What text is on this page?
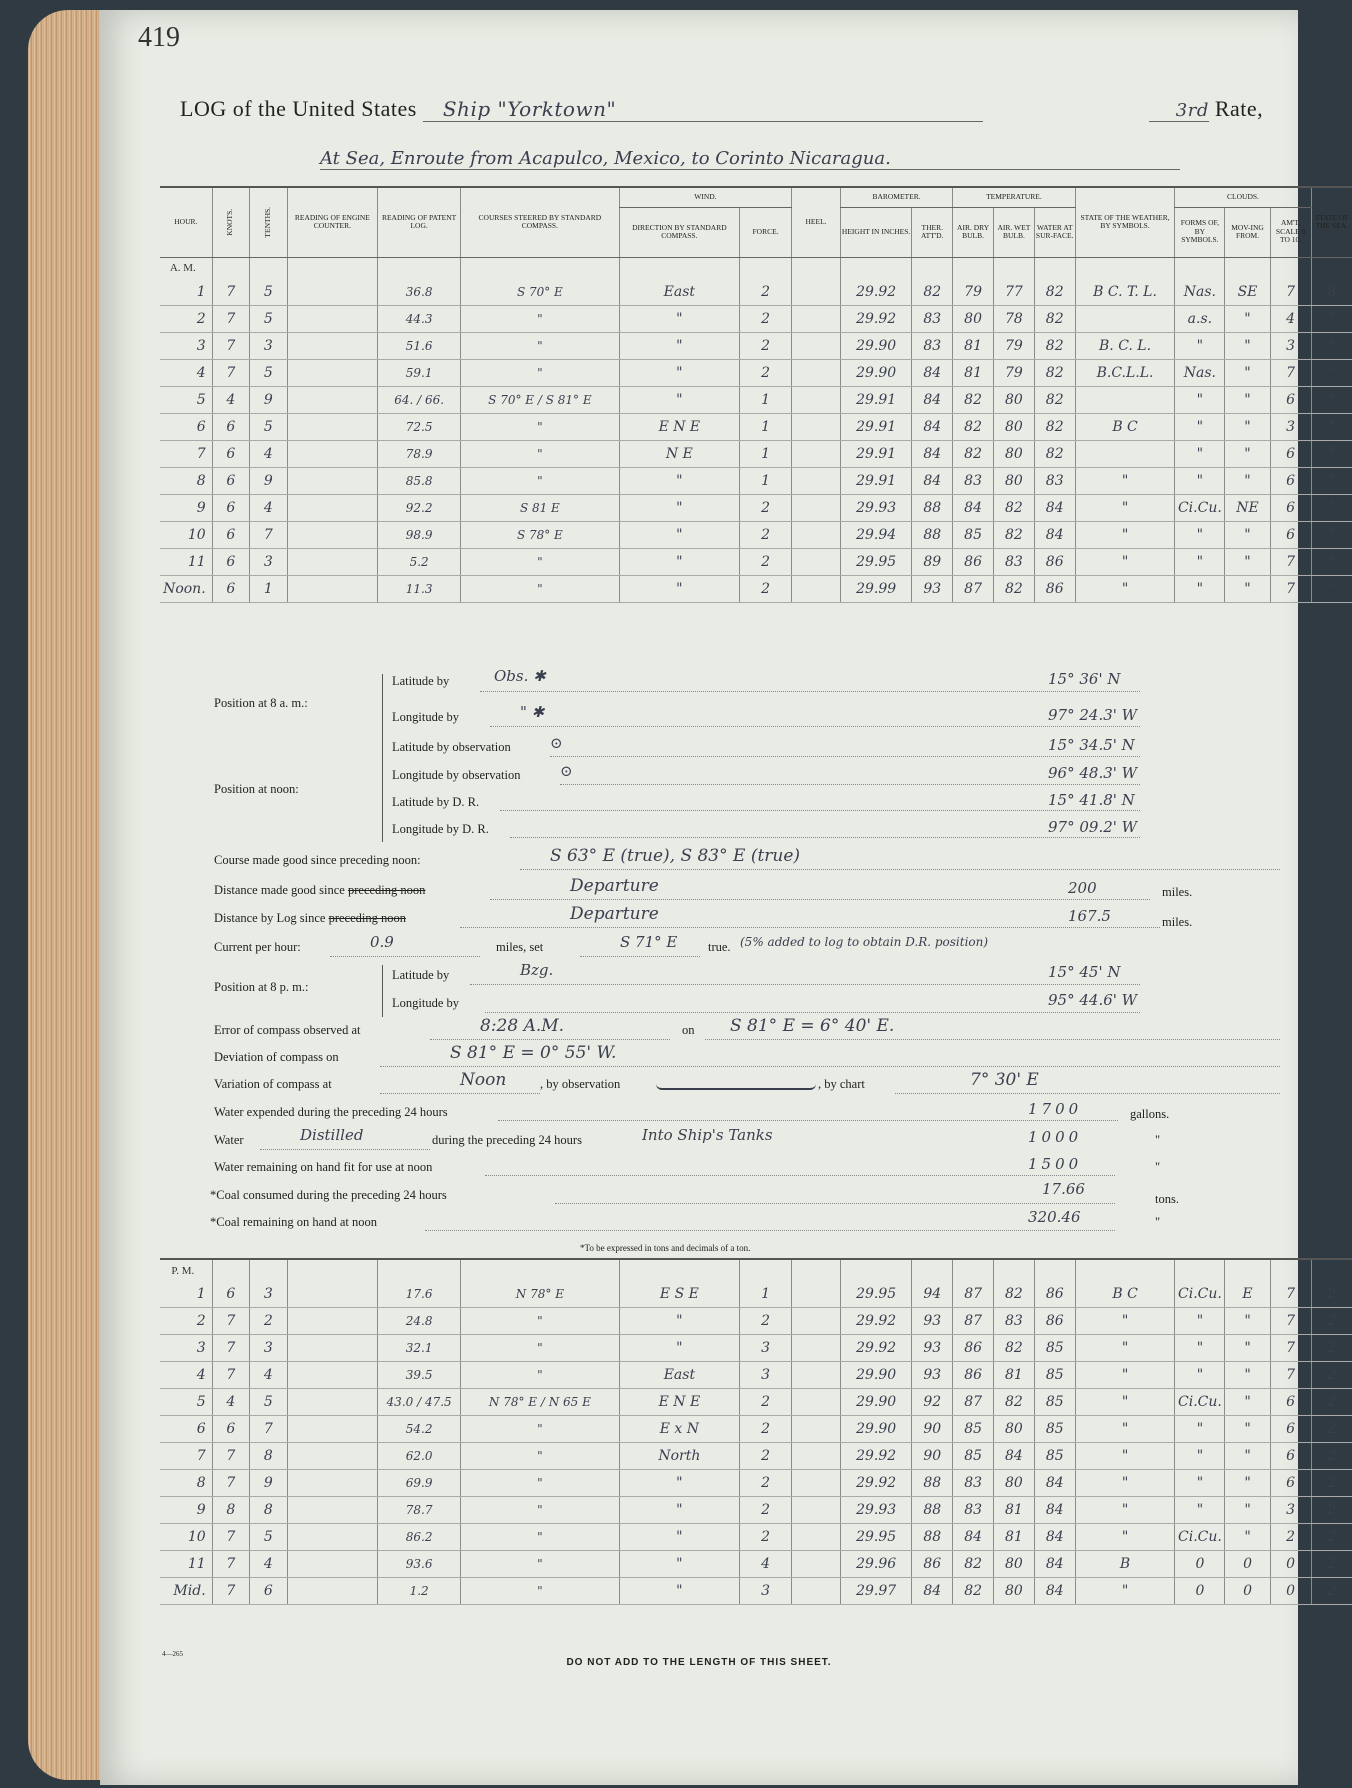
419
LOG of the United States Ship "Yorktown"	3rd Rate,
At Sea, Enroute from Acapulco, Mexico, to Corinto Nicaragua.
HOUR.	KNOTS.	TENTHS.	READING OF ENGINE COUNTER.	READING OF PATENT LOG.	COURSES STEERED BY STANDARD COMPASS.	WIND.		HEEL.	BAROMETER.		TEMPERATURE.			STATE OF THE WEATHER, BY SYMBOLS.	CLOUDS.			STATE OF THE SEA.
						DIRECTION BY STANDARD COMPASS.	FORCE.		HEIGHT IN INCHES.	THER. ATT'D.	AIR. DRY BULB.	AIR. WET BULB.	WATER AT SUR-FACE.		FORMS OF, BY SYMBOLS.	MOV-ING FROM.	AM'T. SCALE 0 TO 10.	
A. M.																		
1	7	5		36.8	S 70° E	East	2		29.92	82	79	77	82	B C. T. L.	Nas.	SE	7	8
2	7	5		44.3	"	"	2		29.92	83	80	78	82		a.s.	"	4	"
3	7	3		51.6	"	"	2		29.90	83	81	79	82	B. C. L.	"	"	3	"
4	7	5		59.1	"	"	2		29.90	84	81	79	82	B.C.L.L.	Nas.	"	7	"
5	4	9		64. / 66.	S 70° E / S 81° E	"	1		29.91	84	82	80	82		"	"	6	"
6	6	5		72.5	"	E N E	1		29.91	84	82	80	82	B C	"	"	3	"
7	6	4		78.9	"	N E	1		29.91	84	82	80	82		"	"	6	"
8	6	9		85.8	"	"	1		29.91	84	83	80	83	"	"	"	6	"
9	6	4		92.2	S 81 E	"	2		29.93	88	84	82	84	"	Ci.Cu.	NE	6	"
10	6	7		98.9	S 78° E	"	2		29.94	88	85	82	84	"	"	"	6	"
11	6	3		5.2	"	"	2		29.95	89	86	83	86	"	"	"	7	"
Noon.	6	1		11.3	"	"	2		29.99	93	87	82	86	"	"	"	7	"
Position at 8 a. m.:
Latitude by	Obs. ✱	15° 36' N
Longitude by	" ✱	97° 24.3' W
Position at noon:
Latitude by observation	⊙	15° 34.5' N
Longitude by observation	⊙	96° 48.3' W
Latitude by D. R.	15° 41.8' N
Longitude by D. R.	97° 09.2' W
Course made good since preceding noon:	S 63° E (true), S 83° E (true)
Distance made good since preceding noon	Departure	200	miles.
Distance by Log since preceding noon	Departure	167.5	miles.
Current per hour:	0.9	miles, set	S 71° E true. (5% added to log to obtain D.R. position)
Position at 8 p. m.:
Latitude by	Bzg.	15° 45' N
Longitude by	95° 44.6' W
Error of compass observed at	8:28 A.M.	on S 81° E = 6° 40' E.
Deviation of compass on	S 81° E = 0° 55' W.
Variation of compass at	Noon	, by observation	, by chart	7° 30' E
Water expended during the preceding 24 hours	1700	gallons.
Water	Distilled	during the preceding 24 hours	Into Ship's Tanks	1000	"
Water remaining on hand fit for use at noon	1500	"
*Coal consumed during the preceding 24 hours	17.66
tons.
*Coal remaining on hand at noon	320.46	"
*To be expressed in tons and decimals of a ton.
P. M.																		
1	6	3		17.6	N 78° E	E S E	1		29.95	94	87	82	86	B C	Ci.Cu.	E	7	2
2	7	2		24.8	"	"	2		29.92	93	87	83	86	"	"	"	7	2
3	7	3		32.1	"	"	3		29.92	93	86	82	85	"	"	"	7	2
4	7	4		39.5	"	East	3		29.90	93	86	81	85	"	"	"	7	2
5	4	5		43.0 / 47.5	N 78° E / N 65 E	E N E	2		29.90	92	87	82	85	"	Ci.Cu.	"	6	2
6	6	7		54.2	"	E x N	2		29.90	90	85	80	85	"	"	"	6	2
7	7	8		62.0	"	North	2		29.92	90	85	84	85	"	"	"	6	2
8	7	9		69.9	"	"	2		29.92	88	83	80	84	"	"	"	6	2
9	8	8		78.7	"	"	2		29.93	88	83	81	84	"	"	"	3	2
10	7	5		86.2	"	"	2		29.95	88	84	81	84	"	Ci.Cu.	"	2	2
11	7	4		93.6	"	"	4		29.96	86	82	80	84	B	0	0	0	2
Mid.	7	6		1.2	"	"	3		29.97	84	82	80	84	"	0	0	0	2
4—265
DO NOT ADD TO THE LENGTH OF THIS SHEET.
